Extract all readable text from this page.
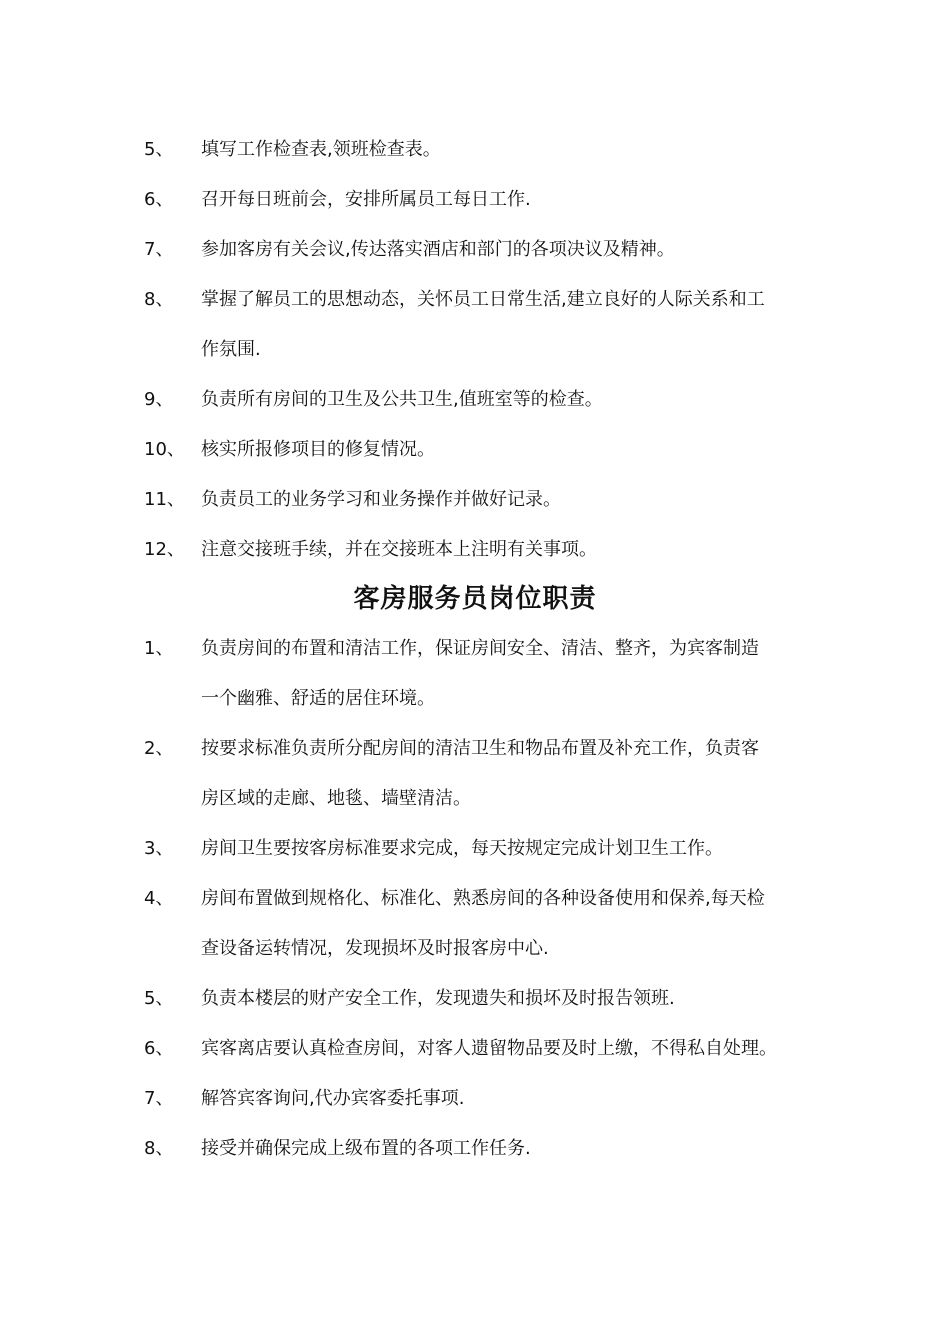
5、 填写工作检查表,领班检查表。
6、 召开每日班前会，安排所属员工每日工作.
7、 参加客房有关会议,传达落实酒店和部门的各项决议及精神。
8、 掌握了解员工的思想动态，关怀员工日常生活,建立良好的人际关系和工
作氛围.
9、 负责所有房间的卫生及公共卫生,值班室等的检查。
10、 核实所报修项目的修复情况。
11、 负责员工的业务学习和业务操作并做好记录。
12、 注意交接班手续，并在交接班本上注明有关事项。
客房服务员岗位职责
1、 负责房间的布置和清洁工作，保证房间安全、清洁、整齐，为宾客制造
一个幽雅、舒适的居住环境。
2、 按要求标准负责所分配房间的清洁卫生和物品布置及补充工作，负责客
房区域的走廊、地毯、墙壁清洁。
3、 房间卫生要按客房标准要求完成，每天按规定完成计划卫生工作。
4、 房间布置做到规格化、标准化、熟悉房间的各种设备使用和保养,每天检
查设备运转情况，发现损坏及时报客房中心.
5、 负责本楼层的财产安全工作，发现遗失和损坏及时报告领班.
6、 宾客离店要认真检查房间，对客人遗留物品要及时上缴，不得私自处理。
7、 解答宾客询问,代办宾客委托事项.
8、 接受并确保完成上级布置的各项工作任务.
